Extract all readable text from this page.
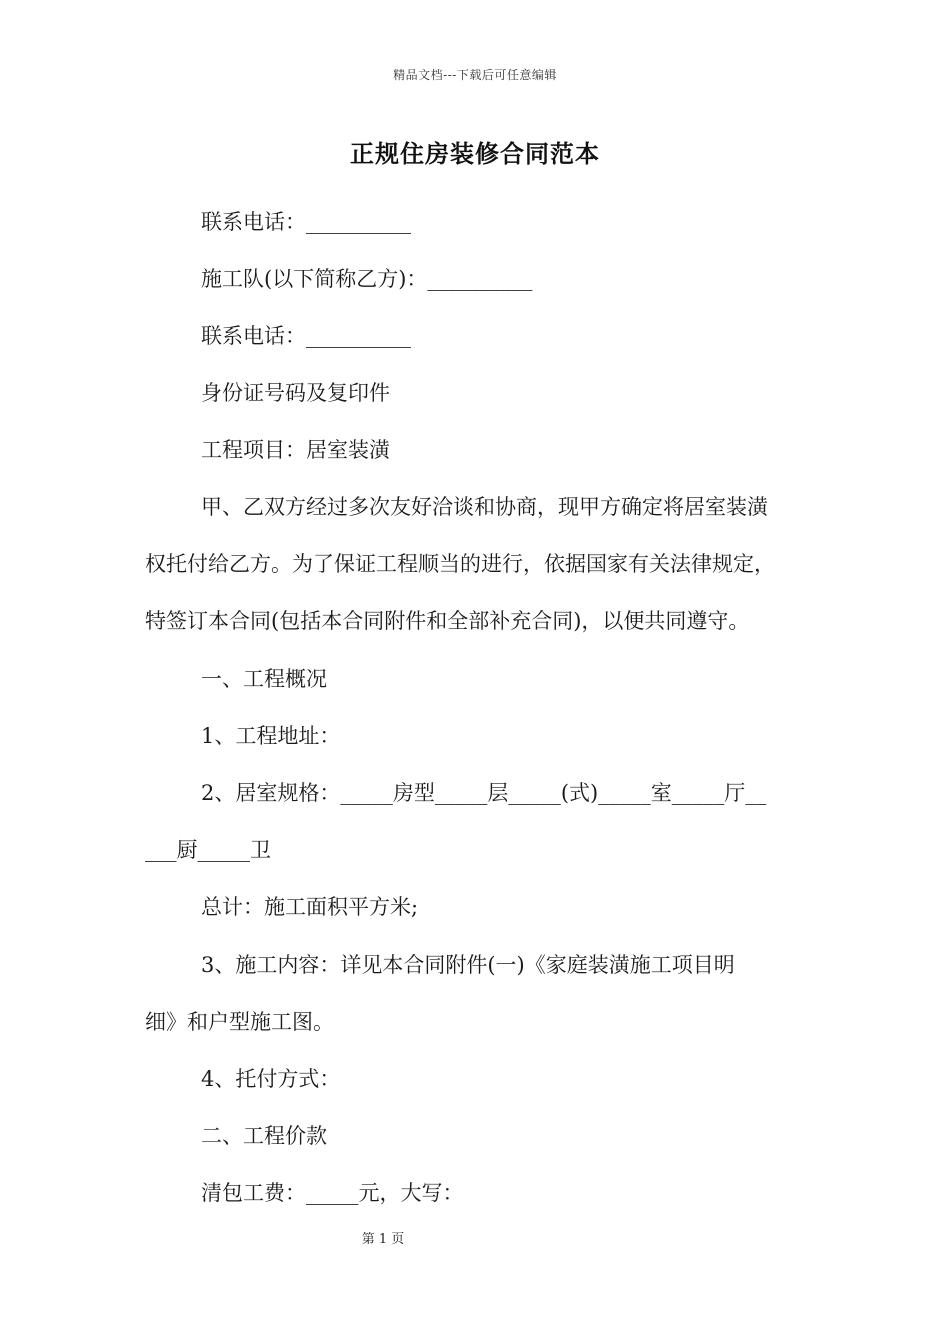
精品文档---下载后可任意编辑
正规住房装修合同范本
联系电话：__________
施工队(以下简称乙方)：__________
联系电话：__________
身份证号码及复印件
工程项目：居室装潢
甲、乙双方经过多次友好洽谈和协商，现甲方确定将居室装潢
权托付给乙方。为了保证工程顺当的进行，依据国家有关法律规定，
特签订本合同(包括本合同附件和全部补充合同)，以便共同遵守。
一、工程概况
1、工程地址：
2、居室规格：_____房型_____层_____(式)_____室_____厅__
___厨_____卫
总计：施工面积平方米;
3、施工内容：详见本合同附件(一)《家庭装潢施工项目明
细》和户型施工图。
4、托付方式：
二、工程价款
清包工费：_____元，大写：
第 1 页
